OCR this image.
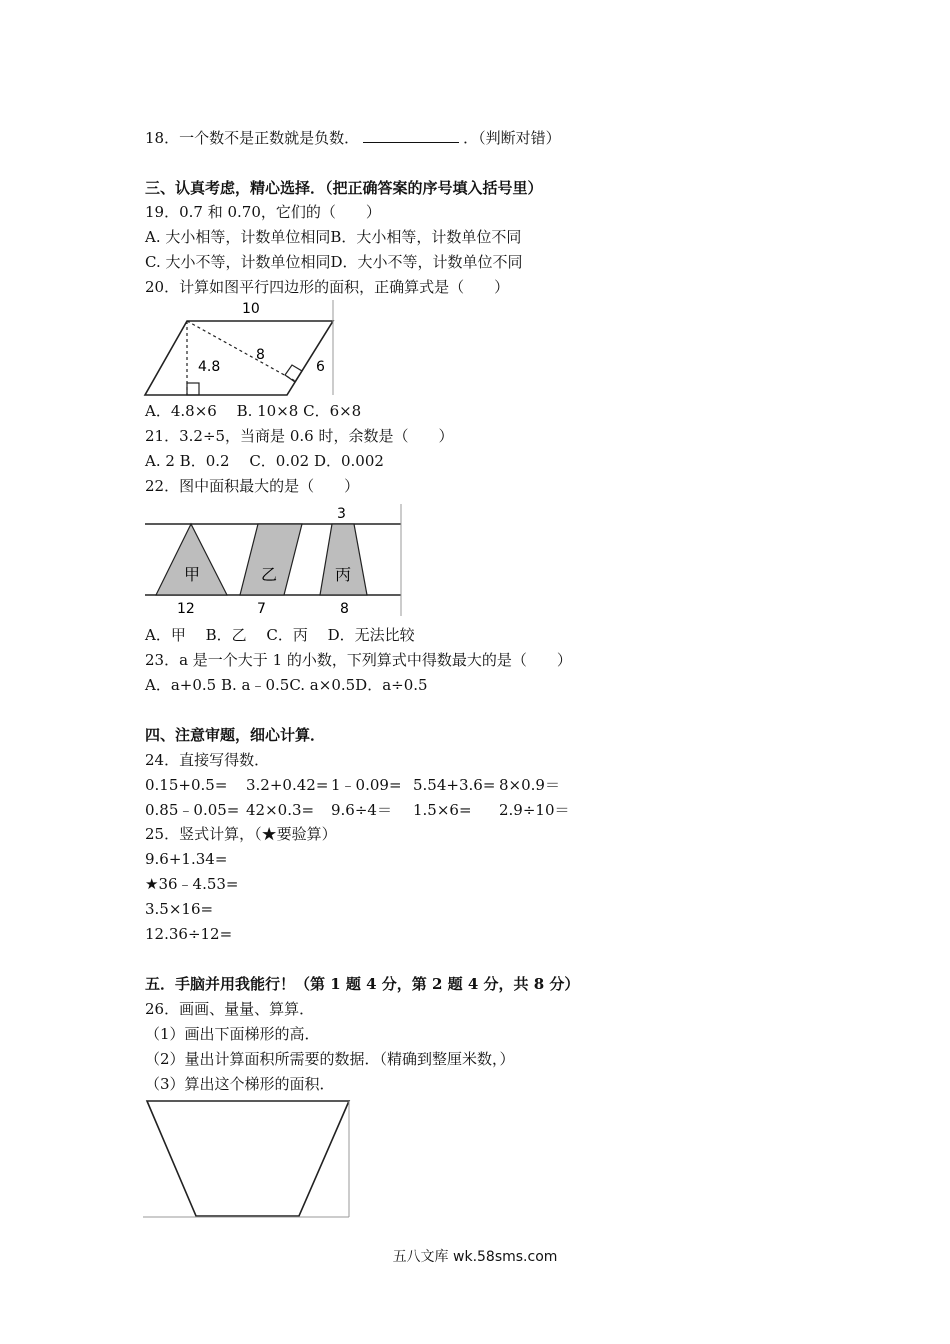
18．一个数不是正数就是负数．	．（判断对错）
三、认真考虑，精心选择．（把正确答案的序号填入括号里）
19．0.7 和 0.70，它们的（　　）
A. 大小相等，计数单位相同B．大小相等，计数单位不同
C. 大小不等，计数单位相同D．大小不等，计数单位不同
20．计算如图平行四边形的面积，正确算式是（　　）
10
4.8
8
6
A．4.8×6　 B. 10×8 C．6×8
21．3.2÷5，当商是 0.6 时，余数是（　　）
A. 2 B．0.2　 C．0.02 D．0.002
22．图中面积最大的是（　　）
3
甲	乙	丙
12	7	8
A．甲　 B．乙　 C．丙　 D．无法比较
23．a 是一个大于 1 的小数，下列算式中得数最大的是（　　）
A．a+0.5 B. a﹣0.5C. a×0.5D．a÷0.5
四、注意审题，细心计算．
24．直接写得数．
0.15+0.5= 3.2+0.42= 1﹣0.09= 5.54+3.6= 8×0.9＝
0.85﹣0.05= 42×0.3= 9.6÷4＝ 1.5×6= 2.9÷10＝
25．竖式计算，（★要验算）
9.6+1.34=
★36﹣4.53=
3.5×16=
12.36÷12=
五．手脑并用我能行！（第 1 题 4 分，第 2 题 4 分，共 8 分）
26．画画、量量、算算．
（1）画出下面梯形的高．
（2）量出计算面积所需要的数据．（精确到整厘米数，）
（3）算出这个梯形的面积．
五八文库 wk.58sms.com
